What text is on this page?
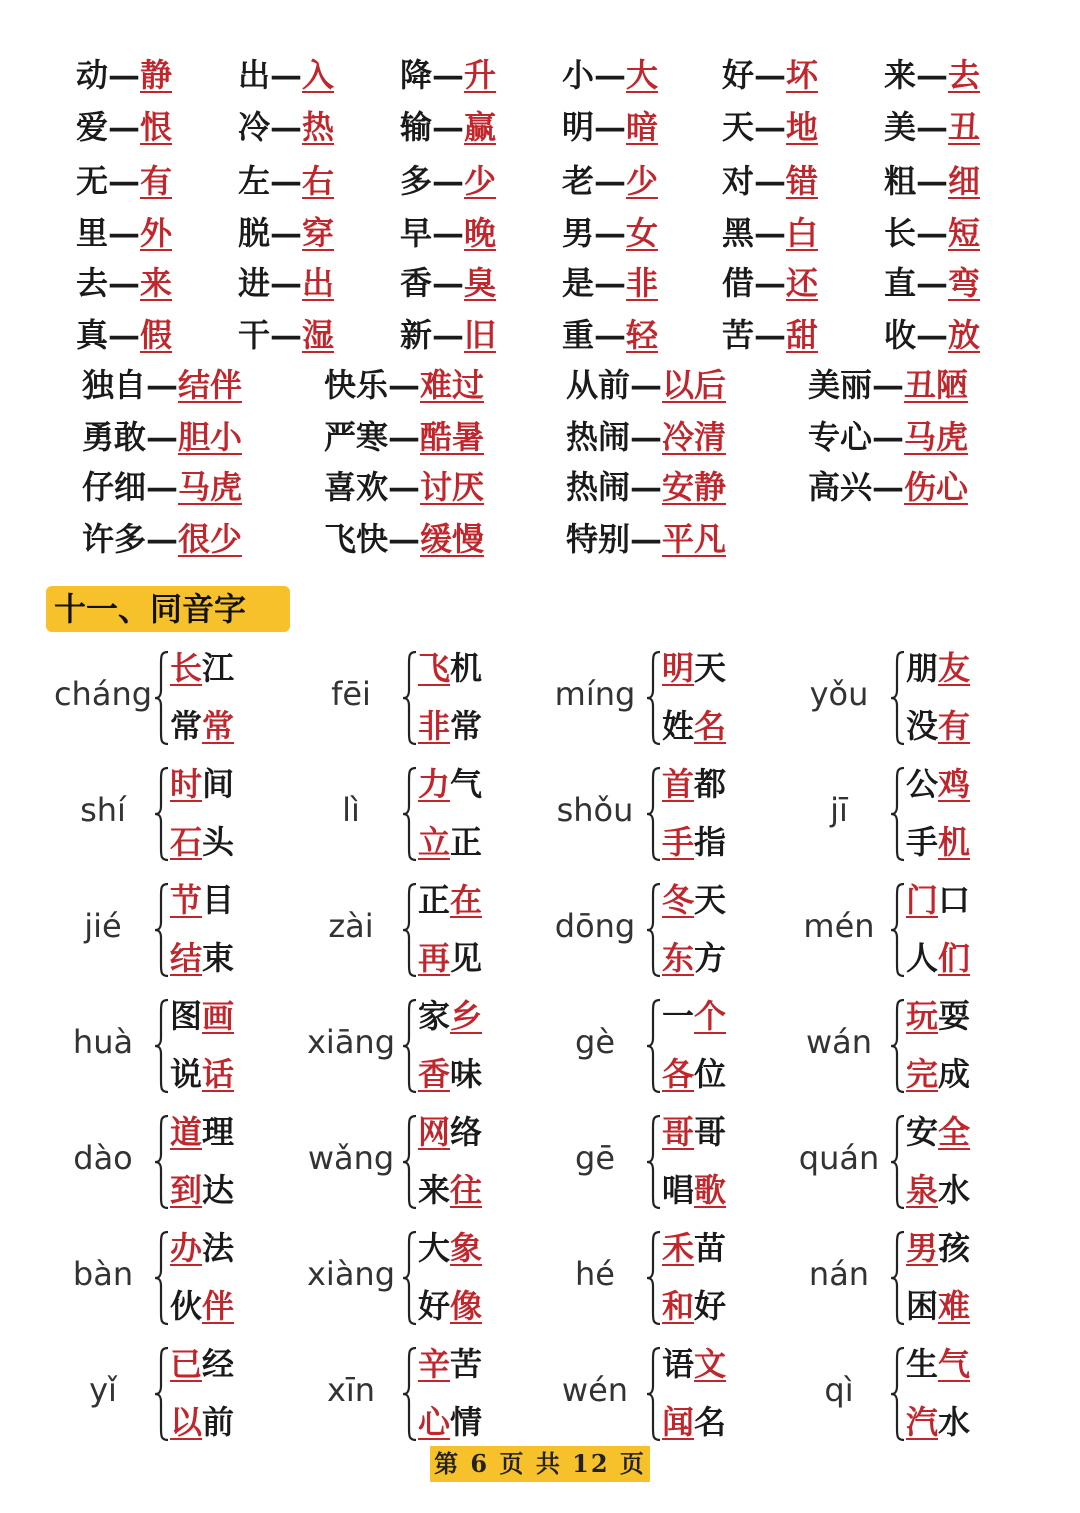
动—静 出—入 降—升 小—大 好—坏 来—去
爱—恨 冷—热 输—赢 明—暗 天—地 美—丑
无—有 左—右 多—少 老—少 对—错 粗—细
里—外 脱—穿 早—晚 男—女 黑—白 长—短
去—来 进—出 香—臭 是—非 借—还 直—弯
真—假 干—湿 新—旧 重—轻 苦—甜 收—放
独自—结伴	快乐—难过	从前—以后	美丽—丑陋
勇敢—胆小	严寒—酷暑	热闹—冷清	专心—马虎
仔细—马虎	喜欢—讨厌	热闹—安静	高兴—伤心
许多—很少	飞快—缓慢	特别—平凡
十一、同音字
cháng
长江
常常
fēi
飞机
非常
míng
明天
姓名
yǒu
朋友
没有
shí
时间
石头
lì
力气
立正
shǒu
首都
手指
jī
公鸡
手机
jié
节目
结束
zài
正在
再见
dōng
冬天
东方
mén
门口
人们
huà
图画
说话
xiāng
家乡
香味
gè
一个
各位
wán
玩耍
完成
dào
道理
到达
wǎng
网络
来往
gē
哥哥
唱歌
quán
安全
泉水
bàn
办法
伙伴
xiàng
大象
好像
hé
禾苗
和好
nán
男孩
困难
yǐ
已经
以前
xīn
辛苦
心情
wén
语文
闻名
qì
生气
汽水
第 6 页 共 12 页
